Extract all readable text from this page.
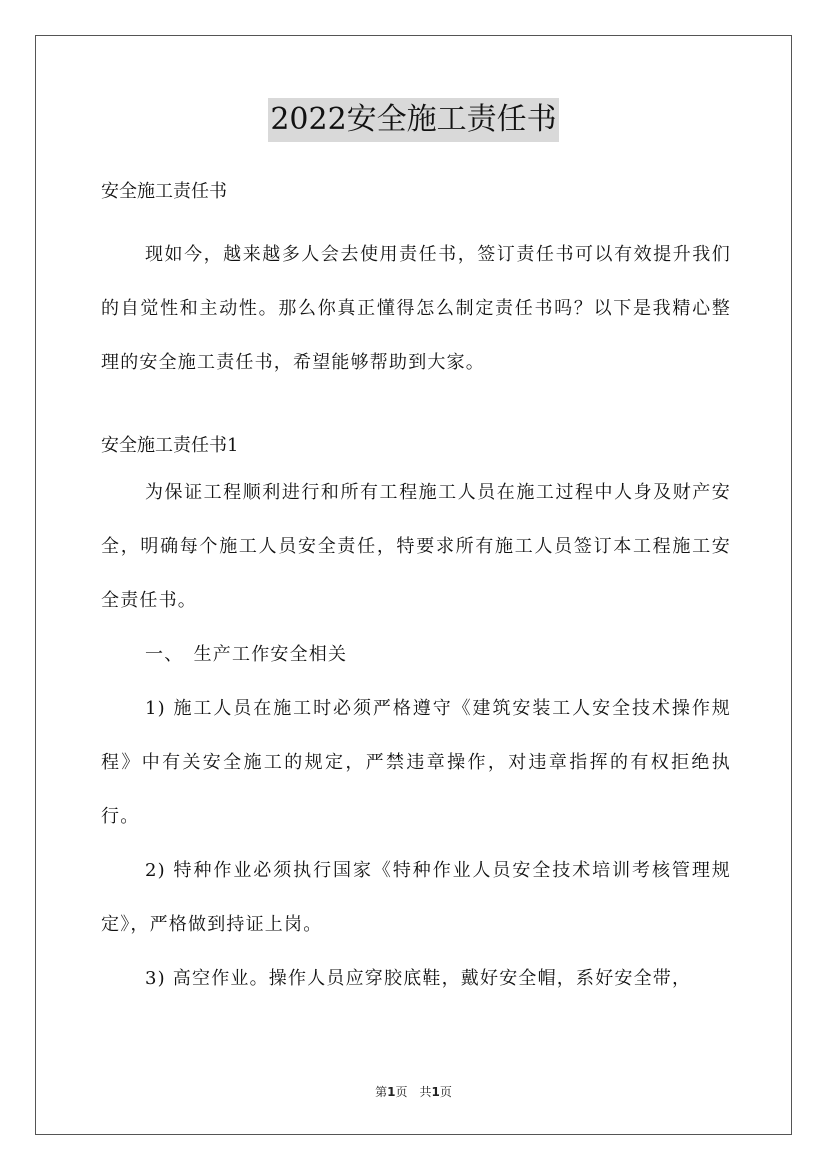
2022安全施工责任书

安全施工责任书

现如今，越来越多人会去使用责任书，签订责任书可以有效提升我们的自觉性和主动性。那么你真正懂得怎么制定责任书吗？以下是我精心整理的安全施工责任书，希望能够帮助到大家。

安全施工责任书1

为保证工程顺利进行和所有工程施工人员在施工过程中人身及财产安全，明确每个施工人员安全责任，特要求所有施工人员签订本工程施工安全责任书。

一、　生产工作安全相关

1) 施工人员在施工时必须严格遵守《建筑安装工人安全技术操作规程》中有关安全施工的规定，严禁违章操作，对违章指挥的有权拒绝执行。

2) 特种作业必须执行国家《特种作业人员安全技术培训考核管理规定》，严格做到持证上岗。

3) 高空作业。操作人员应穿胶底鞋，戴好安全帽，系好安全带，

第1页　共1页
